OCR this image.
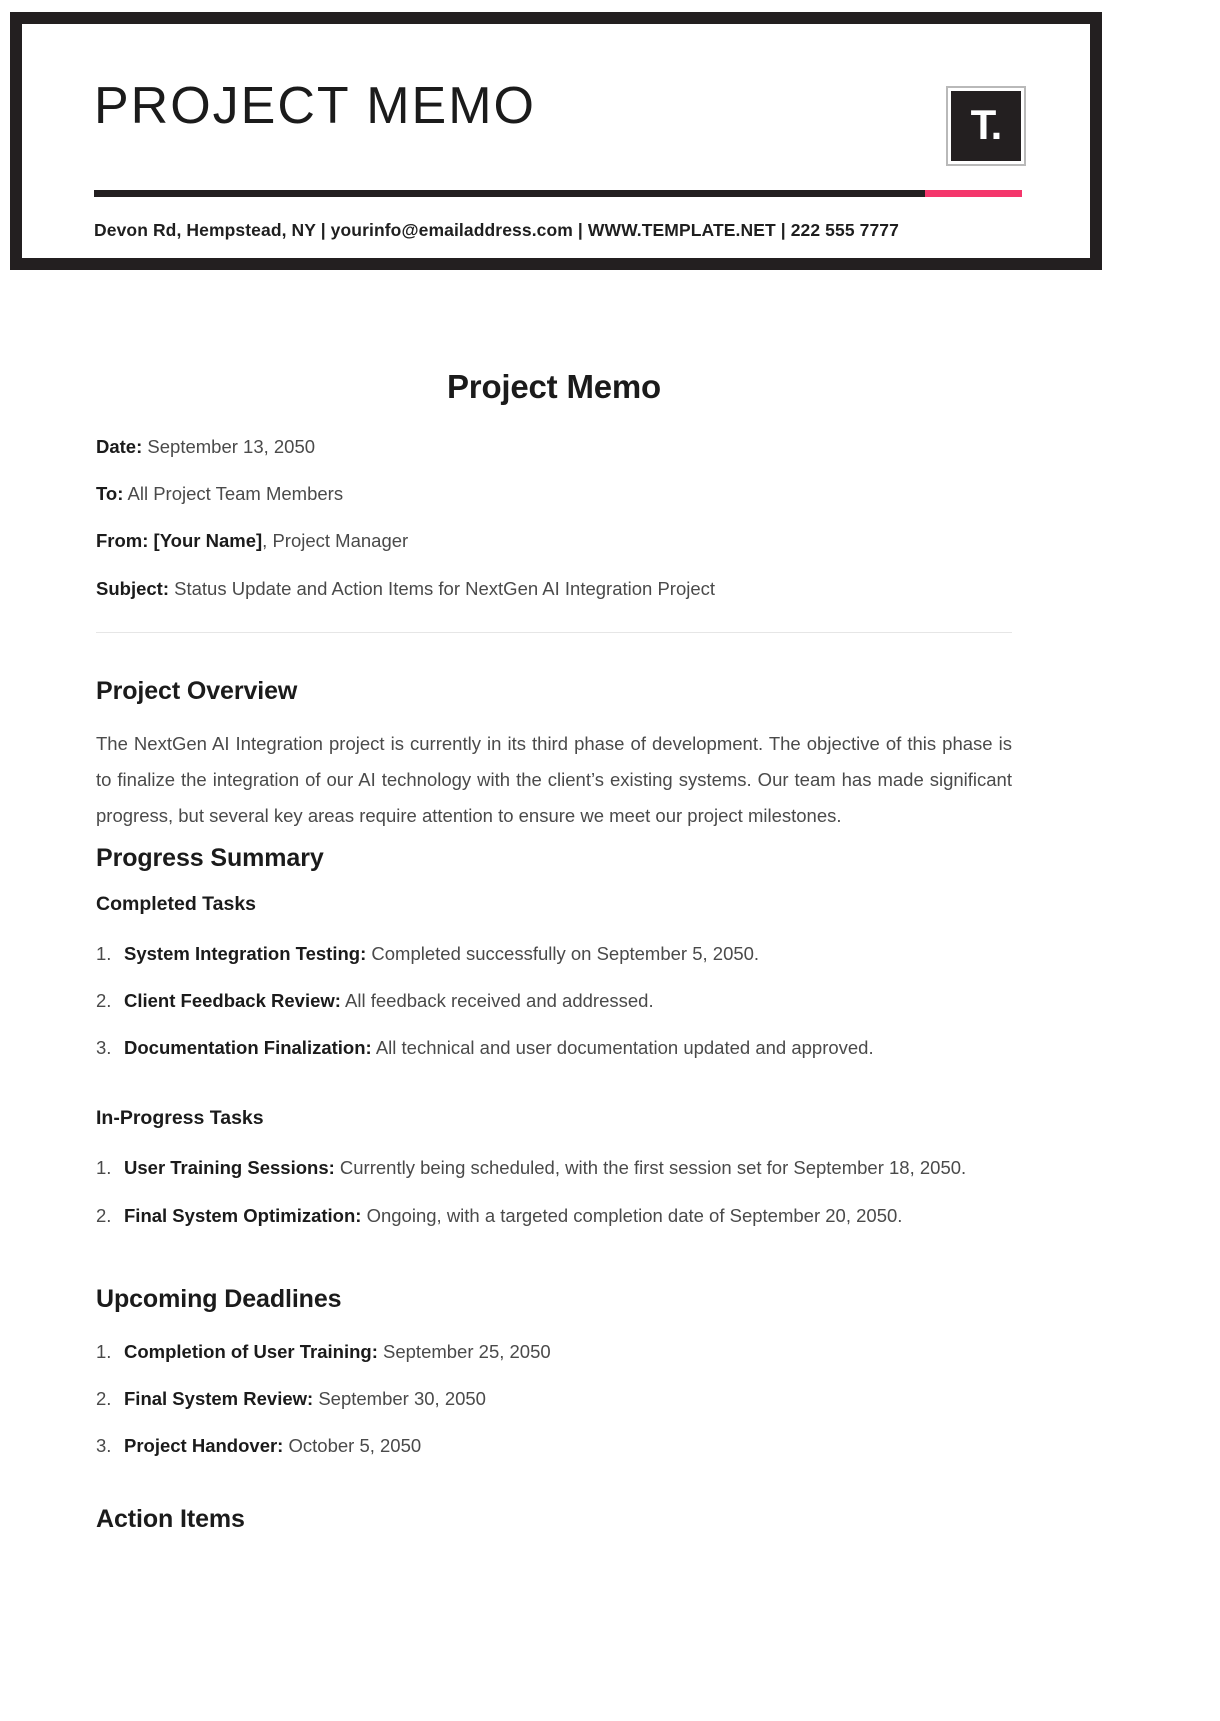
PROJECT MEMO	T.
Devon Rd, Hempstead, NY | yourinfo@emailaddress.com | WWW.TEMPLATE.NET | 222 555 7777
Project Memo
Date: September 13, 2050
To: All Project Team Members
From: [Your Name], Project Manager
Subject: Status Update and Action Items for NextGen AI Integration Project
Project Overview

The NextGen AI Integration project is currently in its third phase of development. The objective of this phase is to finalize the integration of our AI technology with the client’s existing systems. Our team has made significant progress, but several key areas require attention to ensure we meet our project milestones.

Progress Summary
Completed Tasks
System Integration Testing: Completed successfully on September 5, 2050.
Client Feedback Review: All feedback received and addressed.
Documentation Finalization: All technical and user documentation updated and approved.
In-Progress Tasks
User Training Sessions: Currently being scheduled, with the first session set for September 18, 2050.
Final System Optimization: Ongoing, with a targeted completion date of September 20, 2050.
Upcoming Deadlines
Completion of User Training: September 25, 2050
Final System Review: September 30, 2050
Project Handover: October 5, 2050
Action Items
